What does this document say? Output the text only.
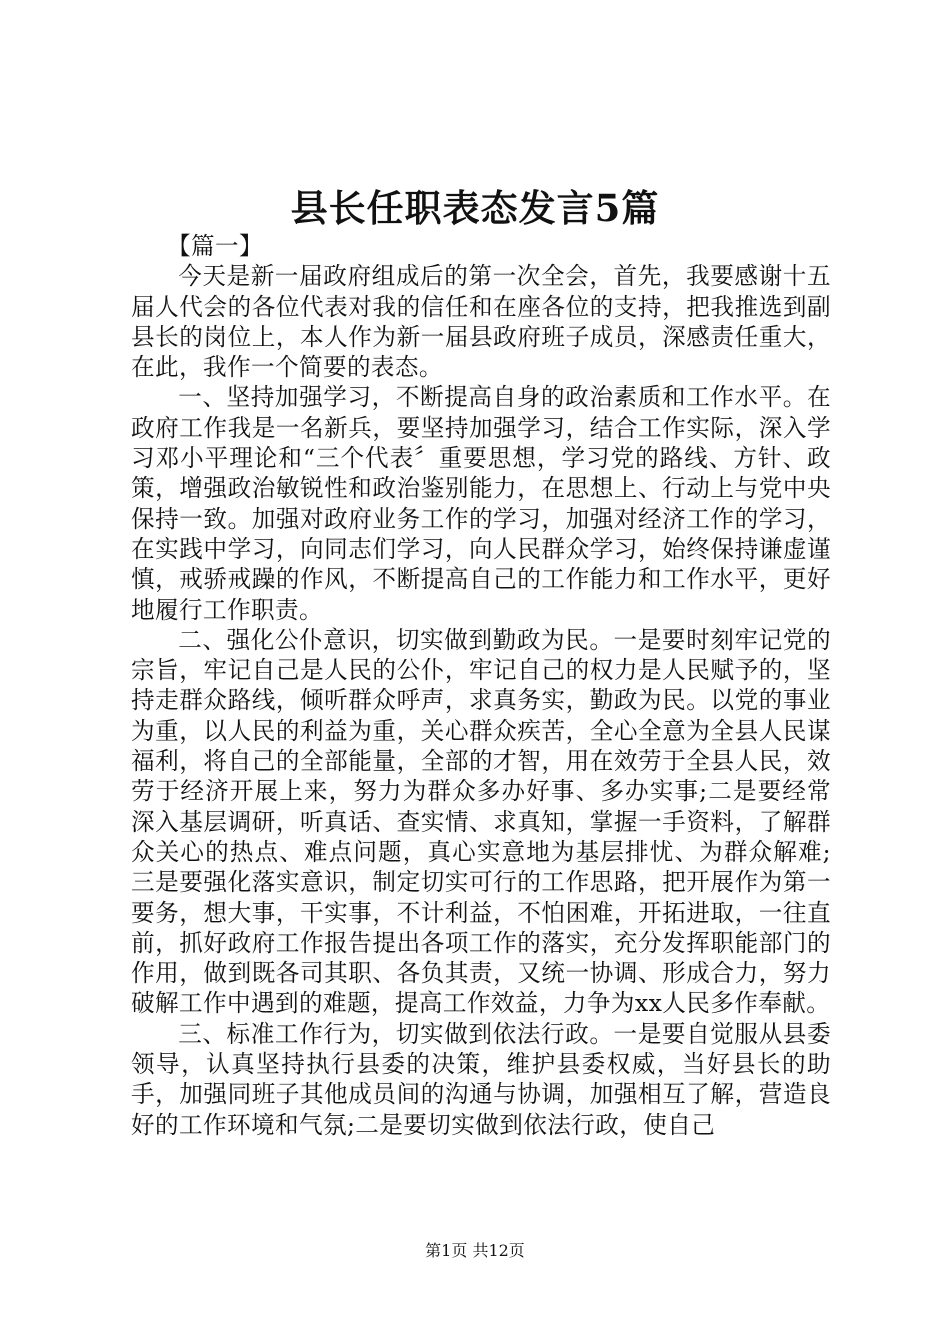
县长任职表态发言5篇

【篇一】

今天是新一届政府组成后的第一次全会，首先，我要感谢十五届人代会的各位代表对我的信任和在座各位的支持，把我推选到副县长的岗位上，本人作为新一届县政府班子成员，深感责任重大，在此，我作一个简要的表态。

一、坚持加强学习，不断提高自身的政治素质和工作水平。在政府工作我是一名新兵，要坚持加强学习，结合工作实际，深入学习邓小平理论和“三个代表〞重要思想，学习党的路线、方针、政策，增强政治敏锐性和政治鉴别能力，在思想上、行动上与党中央保持一致。加强对政府业务工作的学习，加强对经济工作的学习，在实践中学习，向同志们学习，向人民群众学习，始终保持谦虚谨慎，戒骄戒躁的作风，不断提高自己的工作能力和工作水平，更好地履行工作职责。

二、强化公仆意识，切实做到勤政为民。一是要时刻牢记党的宗旨，牢记自己是人民的公仆，牢记自己的权力是人民赋予的，坚持走群众路线，倾听群众呼声，求真务实，勤政为民。以党的事业为重，以人民的利益为重，关心群众疾苦，全心全意为全县人民谋福利，将自己的全部能量，全部的才智，用在效劳于全县人民，效劳于经济开展上来，努力为群众多办好事、多办实事;二是要经常深入基层调研，听真话、查实情、求真知，掌握一手资料，了解群众关心的热点、难点问题，真心实意地为基层排忧、为群众解难;三是要强化落实意识，制定切实可行的工作思路，把开展作为第一要务，想大事，干实事，不计利益，不怕困难，开拓进取，一往直前，抓好政府工作报告提出各项工作的落实，充分发挥职能部门的作用，做到既各司其职、各负其责，又统一协调、形成合力，努力破解工作中遇到的难题，提高工作效益，力争为xx人民多作奉献。

三、标准工作行为，切实做到依法行政。一是要自觉服从县委领导，认真坚持执行县委的决策，维护县委权威，当好县长的助手，加强同班子其他成员间的沟通与协调，加强相互了解，营造良好的工作环境和气氛;二是要切实做到依法行政，使自己

第1页 共12页
